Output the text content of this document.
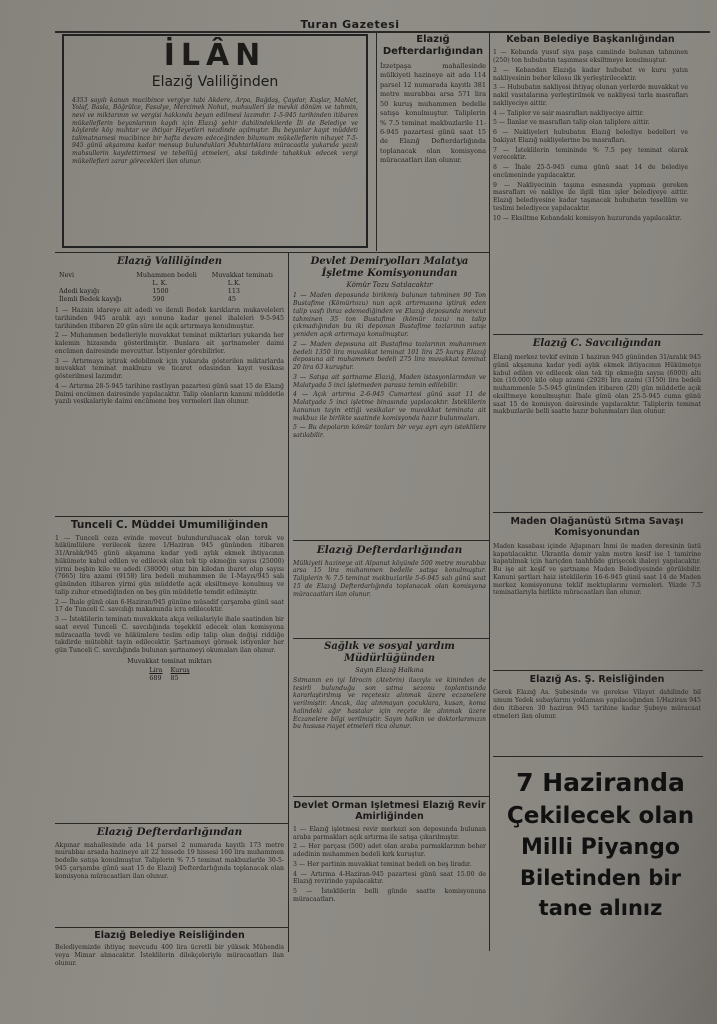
Turan Gazetesi
İLÂN
Elazığ Valiliğinden
4353 sayılı kanun mucibince vergiye tabi Akdere, Arpa, Bağdaş, Çaydar, Kuşlar, Mahlet, Yolaf, Basla, Böğrülce, Fasulye, Mercimek Nohut, mahsulleri ile mevkii dönüm ve tahmin, nevi ve miktarının ve vergisi hakkında beyan edilmesi lazımdır. 1-5-945 tarihinden itibaren mükelleflerin beyanlarının kaydı için Elazığ şehir dahilindekilerde İli de Belediye ve köylerde köy muhtar ve ihtiyar Heyetleri nezdinde açılmıştır. Bu beyanlar kayıt müddeti talimatnamesi mucibince bir hafta devam edeceğinden bilumum mükelleflerin nihayet 7-5-945 günü akşamına kadar mensup bulundukları Muhtarlıklara müracaatla yukarıda yazılı mahsullerin kaydettirmesi ve tebellüğ etmeleri, aksi takdirde tahakkuk edecek vergi mükellefleri zarar görecekleri ilan olunur.
Elazığ Defterdarlığından
İzzetpaşa mahallesinde mülkiyeti hazineye ait ada 114 parsel 12 numarada kayıtlı 381 metre murabbaı arsa 571 lira 50 kuruş muhammen bedelle satışa konulmuştur. Taliplerin % 7.5 teminat makbuzlarile 11-6-945 pazartesi günü saat 15 de Elazığ Defterdarlığında toplanacak olan komisyona müracaatları ilan olunur.
Keban Belediye Başkanlığından

1 — Kebanda yusuf siya paşa camiinde bulunan tahminen (250) ton hububatın taşınması eksiltmeye konulmuştur.

2 — Kebandan Elazığa kadar hububat ve kuru yatın nakliyesinin beher kilosu ilk yerleştirilecektir.

3 — Hububatın nakliyesi ihtiyaç olunan yerlerde muvakkat ve nakil vasıtalarına yerleştirilmek ve nakliyesi tarla masrafları nakliyeciye aittir.

4 — Talipler ve sair masrafları nakliyeciye aittir.

5 — İlanlar ve masrafları talip olan taliplere aittir.

6 — Nakliyeleri hububatın Elazığ belediye bedelleri ve bakiyat Elazığ nakliyelerine bu masrafları.

7 — İsteklilerin temininde % 7.5 pey teminat olarak verecektir.

8 — İhale 25-5-945 cuma günü saat 14 de belediye encümeninde yapılacaktır.

9 — Nakliyecinin taşıma esnasında yapması gereken masrafları ve nakliye ile ilgili tüm işler belediyeye aittir. Elazığ belediyesine kadar taşınacak hububatın tesellüm ve teslimi belediyece yapılacaktır.

10 — Eksiltme Kebandaki komisyon huzurunda yapılacaktır.

Elazığ Valiliğinden
Nevi	Muhammen bedeli	Muvakkat teminatı
	L. K.	L.K.
Adedi kayığı	1500	113
İlemli Bedek kayığı	590	45

1 — Hazain idareye ait adedi ve ilemli Bedek karıkların mukaveleleri tarihinden 945 aralık ayı sonuna kadar genel ihaleleri 9-5-945 tarihinden itibaren 20 gün süre ile açık artırmaya konulmuştur.

2 — Muhammen bedelleriyle muvakkat teminat miktarları yukarıda her kalemin hizasında gösterilmiştir. Bunlara ait şartnameler daimi encümen dairesinde mevcuttur. İstiyenler görebilirler.

3 — Artırmaya iştirak edebilmek için yukarıda gösterilen miktarlarda muvakkat teminat makbuzu ve ticaret odasından kayıt vesikası gösterilmesi lazımdır.

4 — Artırma 28-5-945 tarihine rastlıyan pazartesi günü saat 15 de Elazığ Daimi encümen dairesinde yapılacaktır. Talip olanların kanuni müddetle yazılı vesikalariyle daimi encümene beş vermeleri ilan olunur.

Tunceli C. Müddei Umumiliğinden

1 — Tunceli ceza evinde mevcut bulunduruluacak olan toruk ve hükümlülere verilecek üzere 1/Haziran 945 gününden itibaren 31/Aralık/945 günü akşamına kadar yedi aylık ekmek ihtiyacının hükümete kabul edilen ve edilecek olan tek tip ekmeğin sayısı (25000) yirmi beşbin kilo ve adedi (38000) otuz bin kilodan ibaret olup sayısı (7665) lira azami (9158) lira bedeli muhammen ile 1-Mayıs/945 salı gününden itibaren yirmi gün müddetle açık eksiltmeye konulmuş ve talip zuhur etmediğinden on beş gün müddetle temdit edilmiştir.

2 — İhale günü olan 6-Haziran/945 gününe müsadif çarşamba günü saat 17 de Tunceli C. savcılığı makamında icra edilecektir.

3 — İsteklilerin teminatı muvakkata akça veikalariyle ihale saatinden bir saat evvel Tunceli C. savcılığında teşekkül edecek olan komisyona müracaatla tevdi ve hükümlere teslim edip talip olan değişi riddiğe takdirde mütebhit tayin edilecektir. Şartnameyi görmek istiyenler her gün Tunceli C. savcılığında bulunan şartnameyi okumaları ilan olunur.

Muvakkat teminat miktarı
Lira	Kuruş
689	85
Elazığ Defterdarlığından
Akpınar mahallesinde ada 14 parsel 2 numarada kayıtlı 173 metre murabbaı arsada hazineye ait 22 hissede 19 hissesi 160 lira muhammen bedelle satışa konulmuştur. Taliplerin % 7.5 teminat makbuzlarile 30-5-945 çarşamba günü saat 15 de Elazığ Defterdarlığında toplanacak olan komisyona müracaatları ilan olunur.
Elazığ Belediye Reisliğinden
Belediyemizde ihtiyaç mevcudu 400 lira ücretli bir yüksek Mühendis veya Mimar alınacaktır. İsteklilerin dilekçeleriyle müracaatları ilan olunur.
Devlet Demiryolları Malatya İşletme Komisyonundan
Kömür Tozu Satılacaktır

1 — Maden deposunda birikmiş bulunan tahminen 90 Ton Bustafime (Kömürtozu) nun açık artırmasına iştirak eden talip vasfı ihraz edemediğinden ve Elazığ deposunda mevcut tahminen 35 ton Bustafime (kömür tozu) na talip çıkmadığından bu iki deponun Bustafime tozlarının satışı yeniden açık artırmaya konulmuştur.

2 — Maden deposuna ait Bustafima tozlarının muhammen bedeli 1350 lira muvakkat teminat 101 lira 25 kuruş Elazığ deposuna ait muhammen bedeli 275 lira muvakkat teminat 20 lira 63 kuruştur.

3 — Satışa ait şartname Elazığ, Maden istasyonlarından ve Malatyada 5 inci işletmeden parasız temin edilebilir.

4 — Açık artırma 2-6-945 Cumartesi günü saat 11 de Malatyada 5 inci işletme binasında yapılacaktır. İsteklilerin kanunun tayin ettiği vesikalar ve muvakkat teminata ait makbuz ile birlikte saatinde komisyonda hazır bulunmaları.

5 — Bu depoların kömür tozları bir veya ayrı ayrı isteklilere satılabilir.

Elazığ Defterdarlığından
Mülkiyeti hazineye ait Alpanut köyünde 500 metre murabbaı arsa 15 lira muhammen bedelle satışa konulmuştur. Taliplerin % 7.5 teminat makbuzlarile 5-6-945 salı günü saat 15 de Elazığ Defterdarlığında toplanacak olan komisyona müracaatları ilan olunur.
Sağlık ve sosyal yardım Müdürlüğünden
Sayın Elazığ Halkına
Sıtmanın en iyi İdrocin (Atebrin) ilacıyla ve kininden de tesirli bulunduğu son sıtma sezonu toplantısında kararlaştırılmış ve reçetesiz alınmak üzere eczanelere verilmiştir. Ancak, ilaç alınmayan çocuklara, kusan, koma halindeki ağır hastalar için reçete ile alınmak üzere Eczanelere bilgi verilmiştir. Sayın halkın ve doktorlarımızın bu hususa riayet etmeleri rica olunur.
Devlet Orman İşletmesi Elazığ Revir Amirliğinden

1 — Elazığ işletmesi revir merkezi son deposunda bulunan araba parmakları açık artırma ile satışa çıkarılmıştır.

2 — Her parçası (500) adet olan araba parmaklarının beher adedinin muhammen bedeli kırk kuruştur.

3 — Her partinin muvakkat teminat bedeli on beş liradır.

4 — Artırma 4-Haziran-945 pazartesi günü saat 15.00 de Elazığ revirinde yapılacaktır.

5 — İsteklilerin belli günde saatte komisyonuna müracaatları.

Elazığ C. Savcılığından
Elazığ merkez tevkif evinin 1 haziran 945 gününden 31/aralık 945 günü akşamına kadar yedi aylık ekmek ihtiyacının Hükümetçe kabul edilen ve edilecek olan tek tip ekmeğin sayısı (6000) altı bin (10.000) kilo olup azami (2928) lira azami (3150) lira bedeli muhammenle 5-5-945 gününden itibaren (20) gün müddetle açık eksiltmeye konulmuştur. İhale günü olan 25-5-945 cuma günü saat 15 de komisyon dairesinde yapılacaktır. Taliplerin teminat makbuzlarile belli saatte hazır bulunmaları ilan olunur.
Maden Olağanüstü Sıtma Savaşı Komisyonundan
Maden kasabası içinde Ağapınarı İnmi ile maden deresinin üstü kapatılacaktır. Ukrantla demir yalın metre kesif ise 1 tamirine kapatılmak için hariçden taahhüde girişecek ihaleyi yapılacaktır. Bu işe ait keşif ve şartname Maden Belediyesinde görülebilir. Kanuni şartları haiz isteklilerin 16-6-945 günü saat 14 de Maden merkez komisyonuna teklif mektuplarını vermeleri. Yüzde 7.5 teminatlarıyla birlikte müracaatları ilan olunur.
Elazığ As. Ş. Reisliğinden
Gerek Elazığ As. Şubesinde ve gerekse Vilayet dahilinde bil umum Yedek subaylarını yoklaması yapılacağından 1/Haziran 945 den itibaren 30 haziran 945 tarihine kadar Şubeye müracaat etmeleri ilan olunur.
7 Haziranda
Çekilecek olan
Milli Piyango
Biletinden bir
tane alınız
